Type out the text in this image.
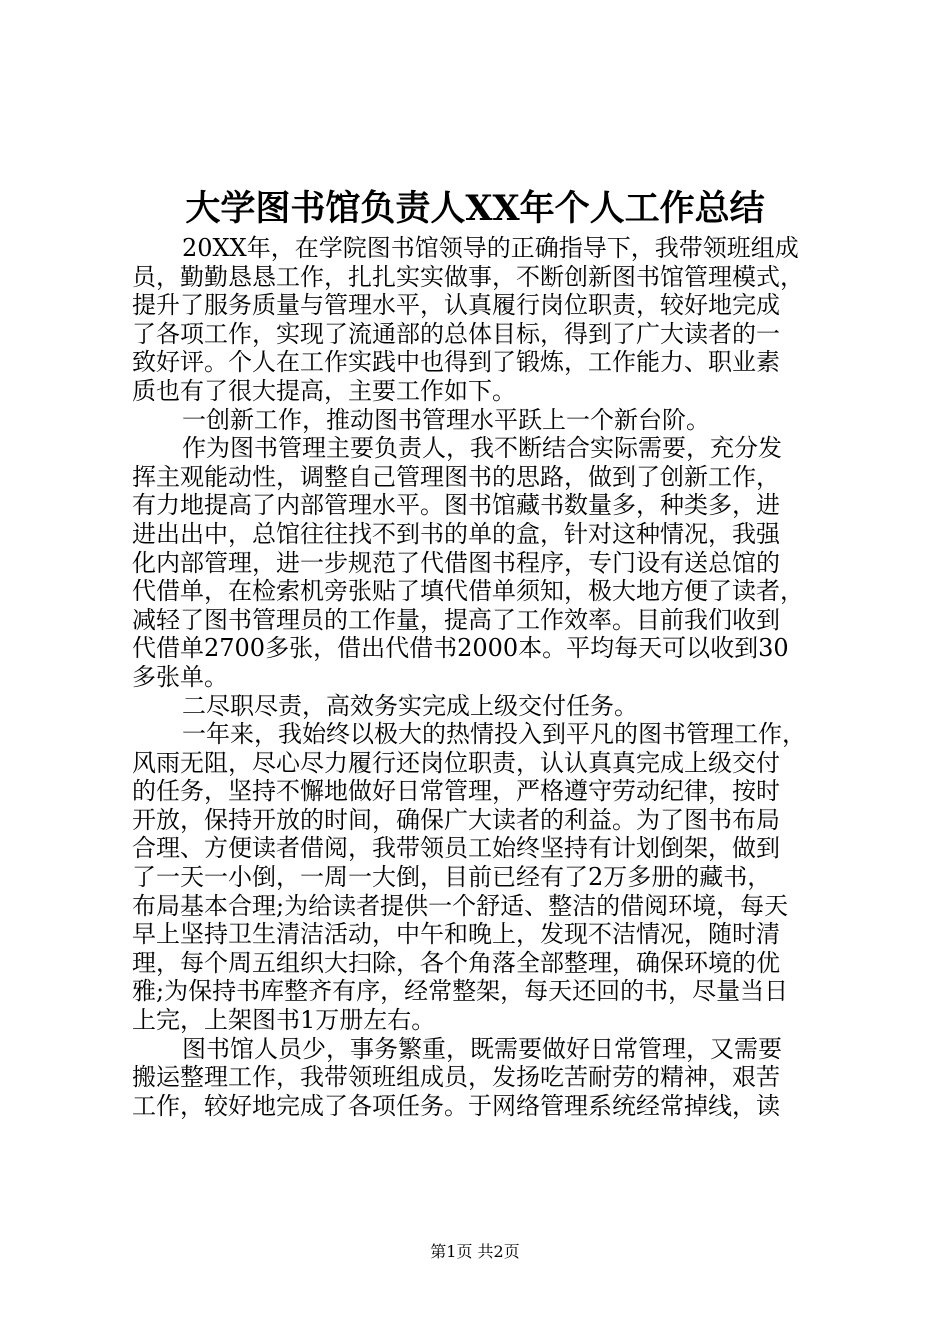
大学图书馆负责人XX年个人工作总结
20XX年，在学院图书馆领导的正确指导下，我带领班组成
员，勤勤恳恳工作，扎扎实实做事，不断创新图书馆管理模式，
提升了服务质量与管理水平，认真履行岗位职责，较好地完成
了各项工作，实现了流通部的总体目标，得到了广大读者的一
致好评。个人在工作实践中也得到了锻炼，工作能力、职业素
质也有了很大提高，主要工作如下。
一创新工作，推动图书管理水平跃上一个新台阶。
作为图书管理主要负责人，我不断结合实际需要，充分发
挥主观能动性，调整自己管理图书的思路，做到了创新工作，
有力地提高了内部管理水平。图书馆藏书数量多，种类多，进
进出出中，总馆往往找不到书的单的盒，针对这种情况，我强
化内部管理，进一步规范了代借图书程序，专门设有送总馆的
代借单，在检索机旁张贴了填代借单须知，极大地方便了读者，
减轻了图书管理员的工作量，提高了工作效率。目前我们收到
代借单2700多张，借出代借书2000本。平均每天可以收到30
多张单。
二尽职尽责，高效务实完成上级交付任务。
一年来，我始终以极大的热情投入到平凡的图书管理工作，
风雨无阻，尽心尽力履行还岗位职责，认认真真完成上级交付
的任务，坚持不懈地做好日常管理，严格遵守劳动纪律，按时
开放，保持开放的时间，确保广大读者的利益。为了图书布局
合理、方便读者借阅，我带领员工始终坚持有计划倒架，做到
了一天一小倒，一周一大倒，目前已经有了2万多册的藏书，
布局基本合理;为给读者提供一个舒适、整洁的借阅环境，每天
早上坚持卫生清洁活动，中午和晚上，发现不洁情况，随时清
理，每个周五组织大扫除，各个角落全部整理，确保环境的优
雅;为保持书库整齐有序，经常整架，每天还回的书，尽量当日
上完，上架图书1万册左右。
图书馆人员少，事务繁重，既需要做好日常管理，又需要
搬运整理工作，我带领班组成员，发扬吃苦耐劳的精神，艰苦
工作，较好地完成了各项任务。于网络管理系统经常掉线，读
第1页 共2页
